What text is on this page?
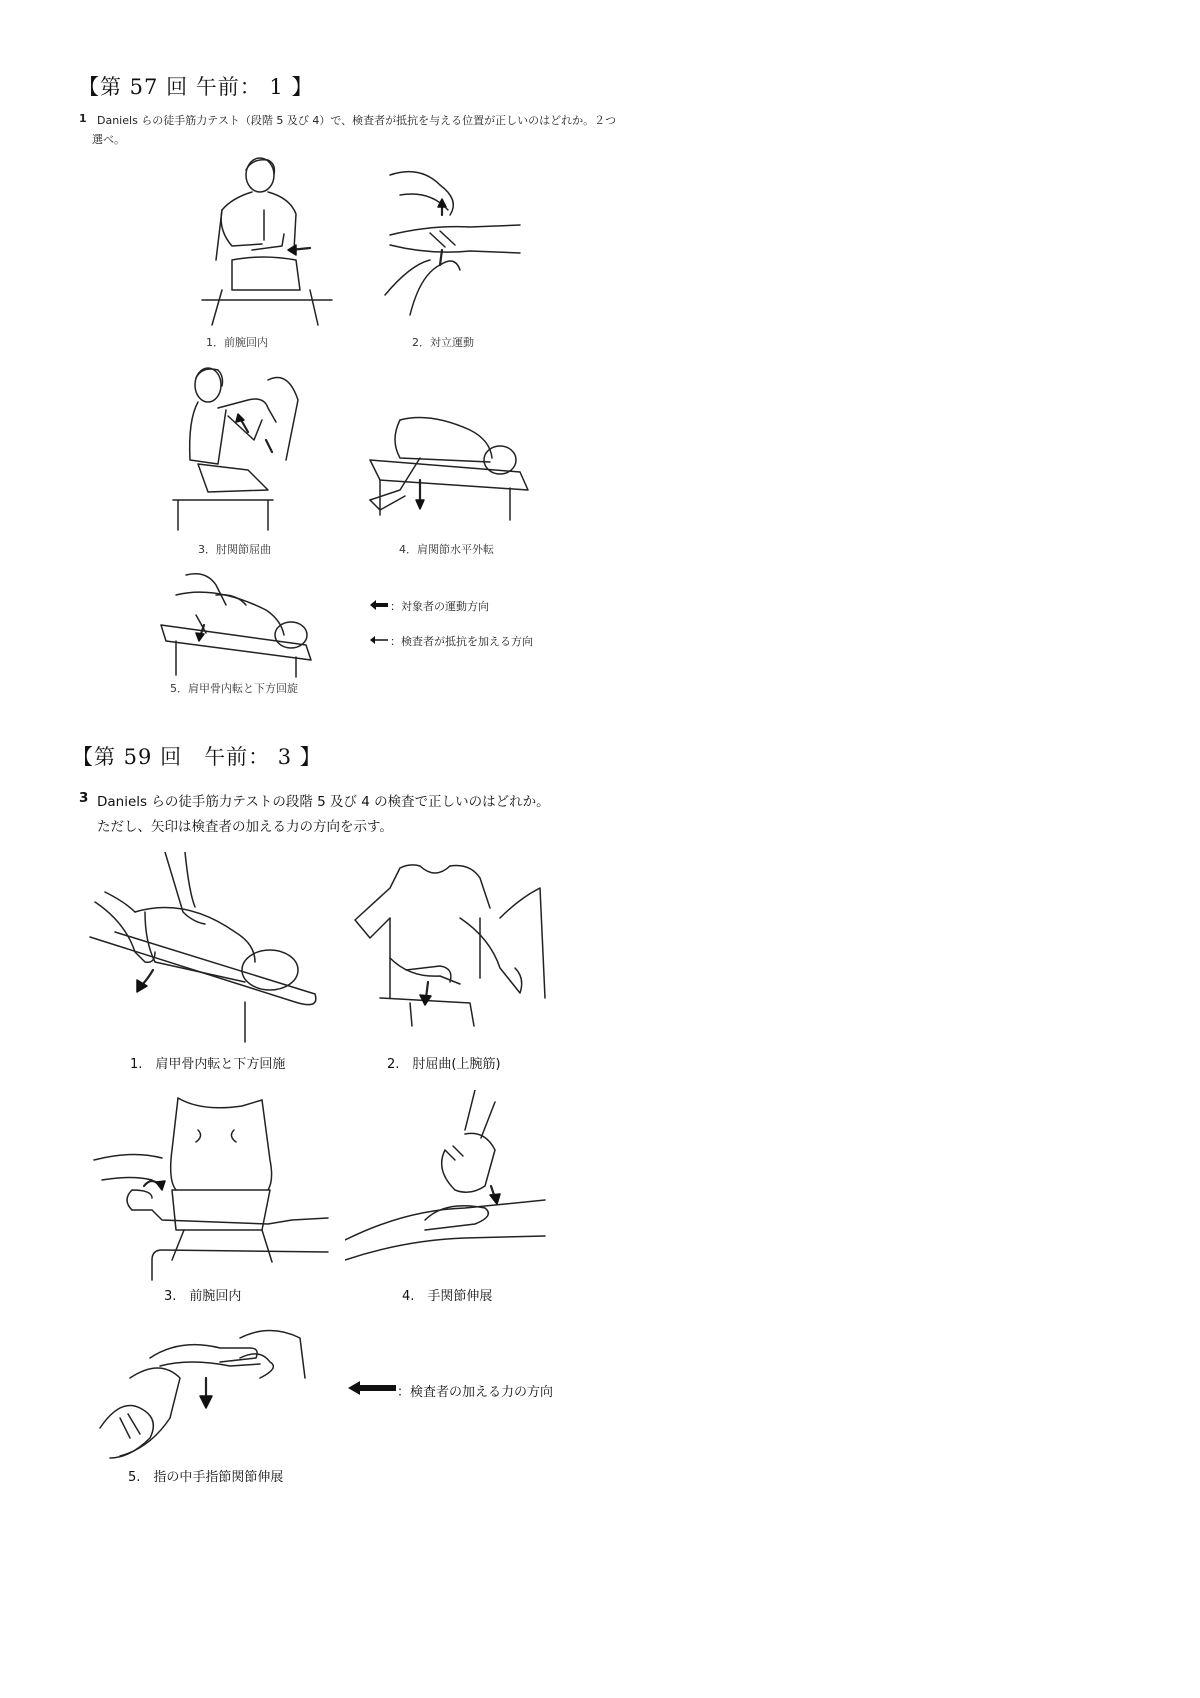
【第 57 回 午前： 1 】
1 Daniels らの徒手筋力テスト（段階 5 及び 4）で、検査者が抵抗を与える位置が正しいのはどれか。２つ
選べ。
1．前腕回内	2．対立運動
3．肘関節屈曲	4．肩関節水平外転
5．肩甲骨内転と下方回旋
：対象者の運動方向
：検査者が抵抗を加える方向
【第 59 回　午前： 3 】
3 Daniels らの徒手筋力テストの段階 5 及び 4 の検査で正しいのはどれか。
ただし、矢印は検査者の加える力の方向を示す。
1.　肩甲骨内転と下方回施	2.　肘屈曲(上腕筋)
3.　前腕回内	4.　手関節伸展
：検査者の加える力の方向
5.　指の中手指節関節伸展
